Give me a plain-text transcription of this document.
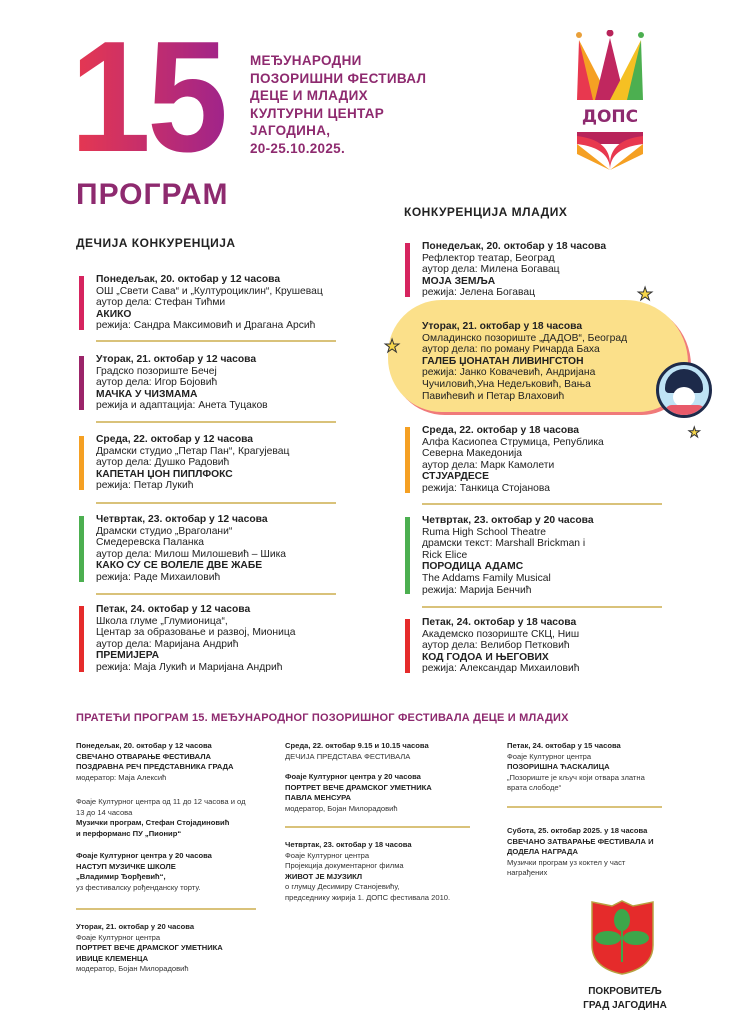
15 МЕЂУНАРОДНИ
ПОЗОРИШНИ ФЕСТИВАЛ
ДЕЦЕ И МЛАДИХ
КУЛТУРНИ ЦЕНТАР
ЈАГОДИНА,
20-25.10.2025.
ДОПС
ПРОГРАМ
ДЕЧИЈА КОНКУРЕНЦИЈА
КОНКУРЕНЦИЈА МЛАДИХ
★
★
★
Понедељак, 20. октобар у 12 часова
ОШ „Свети Сава“ и „Културоциклин“, Крушевац
аутор дела: Стефан Тићми
АКИКО
режија: Сандра Максимовић и Драгана Арсић
Уторак, 21. октобар у 12 часова
Градско позориште Бечеј
аутор дела: Игор Бојовић
МАЧКА У ЧИЗМАМА
режија и адаптација: Анета Туцаков
Среда, 22. октобар у 12 часова
Драмски студио „Петар Пан“, Крагујевац
аутор дела: Душко Радовић
КАПЕТАН ЏОН ПИПЛФОКС
режија: Петар Лукић
Четвртак, 23. октобар у 12 часова
Драмски студио „Враголани“
Смедеревска Паланка
аутор дела: Милош Милошевић – Шика
КАКО СУ СЕ ВОЛЕЛЕ ДВЕ ЖАБЕ
режија: Раде Михаиловић
Петак, 24. октобар у 12 часова
Школа глуме „Глумионица“,
Центар за образовање и развој, Мионица
аутор дела: Маријана Андрић
ПРЕМИЈЕРА
режија: Маја Лукић и Маријана Андрић
Понедељак, 20. октобар у 18 часова
Рефлектор театар, Београд
аутор дела: Милена Богавац
МОЈА ЗЕМЉА
режија: Јелена Богавац
Уторак, 21. октобар у 18 часова
Омладинско позориште „ДАДОВ“, Београд
аутор дела: по роману Ричарда Баха
ГАЛЕБ ЏОНАТАН ЛИВИНГСТОН
режија: Јанко Ковачевић, Андријана
Чучиловић,Уна Недељковић, Вања
Павићевић и Петар Влаховић
Среда, 22. октобар у 18 часова
Алфа Касиопеа Струмица, Република
Северна Македонија
аутор дела: Марк Камолети
СТЈУАРДЕСЕ
режија: Танкица Стојанова
Четвртак, 23. октобар у 20 часова
Ruma High School Theatre
драмски текст: Marshall Brickman i
Rick Elice
ПОРОДИЦА АДАМС
The Addams Family Musical
режија: Марија Бенчић
Петак, 24. октобар у 18 часова
Академско позориште СКЦ, Ниш
аутор дела: Велибор Петковић
КОД ГОДОА И ЊЕГОВИХ
режија: Александар Михаиловић
ПРАТЕЋИ ПРОГРАМ 15. МЕЂУНАРОДНОГ ПОЗОРИШНОГ ФЕСТИВАЛА ДЕЦЕ И МЛАДИХ
Понедељак, 20. октобар у 12 часова
СВЕЧАНО ОТВАРАЊЕ ФЕСТИВАЛА
ПОЗДРАВНА РЕЧ ПРЕДСТАВНИКА ГРАДА
модератор: Маја Алексић
Фоаје Културног центра од 11 до 12 часова и од
13 до 14 часова
Музички програм, Стефан Стојадиновић
и перформанс ПУ „Пионир“
Фоаје Културног центра у 20 часова
НАСТУП МУЗИЧКЕ ШКОЛЕ
„Владимир Ђорђевић“,
уз фестивалску рођенданску торту.
Уторак, 21. октобар у 20 часова
Фоаје Културног центра
ПОРТРЕТ ВЕЧЕ ДРАМСКОГ УМЕТНИКА
ИВИЦЕ КЛЕМЕНЦА
модератор, Бојан Милорадовић
Среда, 22. октобар 9.15 и 10.15 часова
ДЕЧИЈА ПРЕДСТАВА ФЕСТИВАЛА
Фоаје Културног центра у 20 часова
ПОРТРЕТ ВЕЧЕ ДРАМСКОГ УМЕТНИКА
ПАВЛА МЕНСУРА
модератор, Бојан Милорадовић
Четвртак, 23. октобар у 18 часова
Фоаје Културног центра
Пројекција документарног филма
ЖИВОТ ЈЕ МЈУЗИКЛ
о глумцу Десимиру Станојевићу,
председнику жирија 1. ДОПС фестивала 2010.
Петак, 24. октобар у 15 часова
Фоаје Културног центра
ПОЗОРИШНА ЋАСКАЛИЦА
„Позориште је кључ који отвара златна
врата слободе“
Субота, 25. октобар 2025. у 18 часова
СВЕЧАНО ЗАТВАРАЊЕ ФЕСТИВАЛА И
ДОДЕЛА НАГРАДА
Музички програм уз коктел у част
награђених
ПОКРОВИТЕЉ
ГРАД ЈАГОДИНА
